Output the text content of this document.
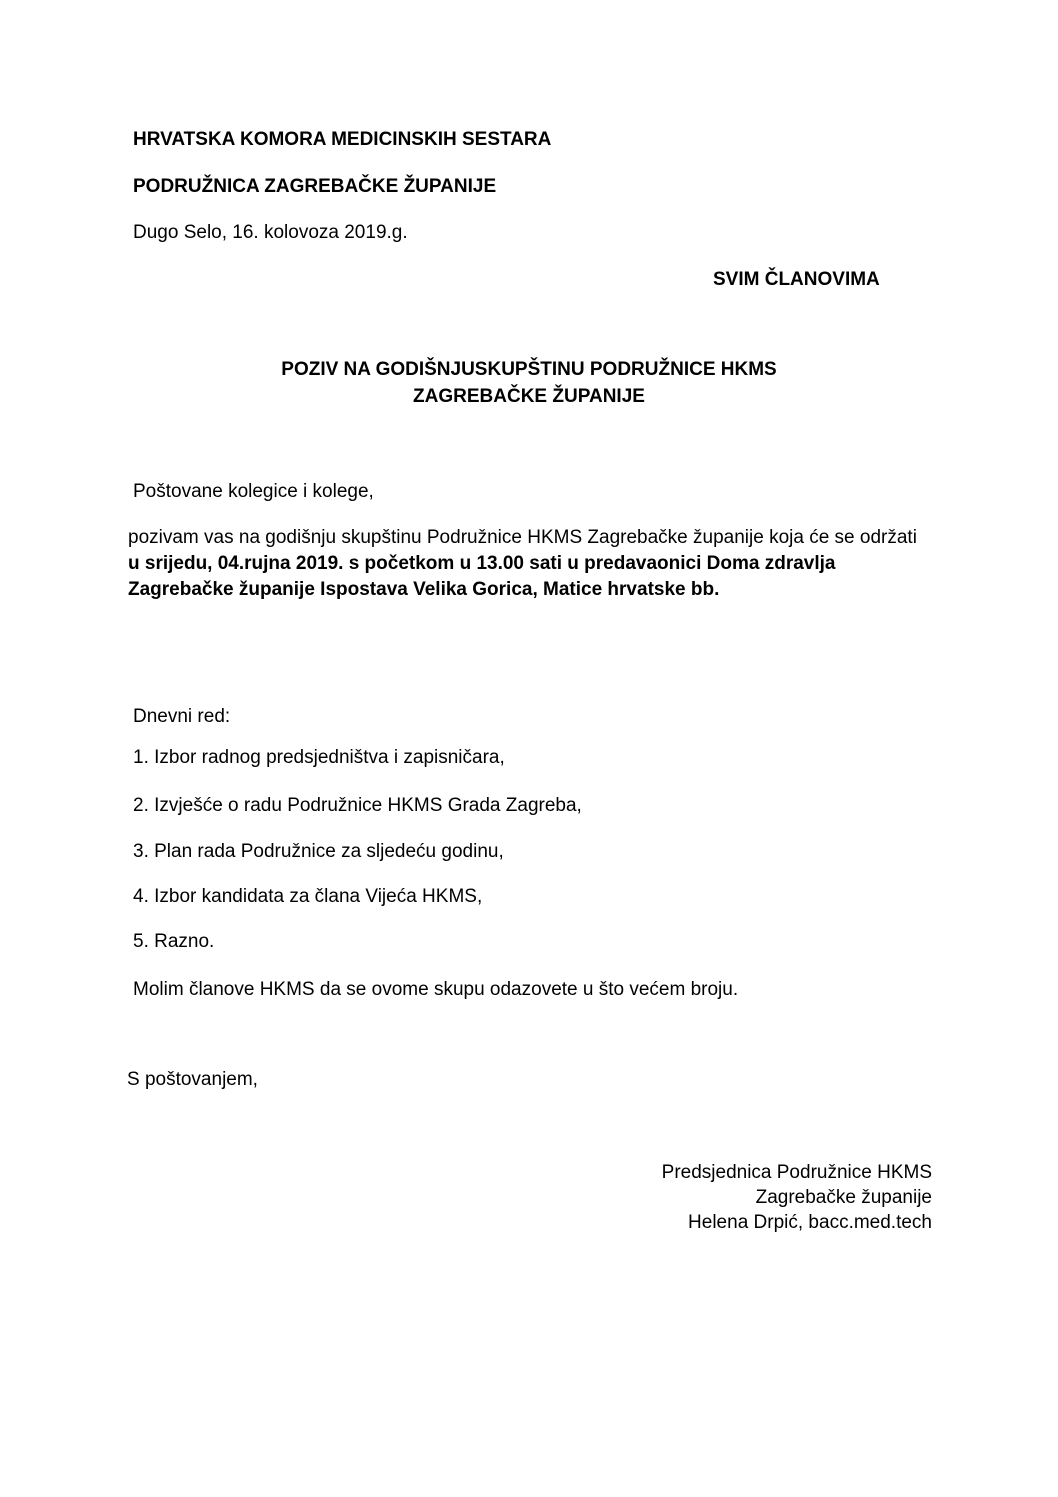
HRVATSKA KOMORA MEDICINSKIH SESTARA
PODRUŽNICA ZAGREBAČKE ŽUPANIJE
Dugo Selo, 16. kolovoza 2019.g.
SVIM ČLANOVIMA
POZIV NA GODIŠNJUSKUPŠTINU PODRUŽNICE HKMS
ZAGREBAČKE ŽUPANIJE
Poštovane kolegice i kolege,
pozivam vas na godišnju skupštinu Podružnice HKMS Zagrebačke županije koja će se održati u srijedu, 04.rujna 2019. s početkom u 13.00 sati u predavaonici Doma zdravlja Zagrebačke županije Ispostava Velika Gorica, Matice hrvatske bb.
Dnevni red:
1. Izbor radnog predsjedništva i zapisničara,
2. Izvješće o radu Podružnice HKMS Grada Zagreba,
3. Plan rada Podružnice za sljedeću godinu,
4. Izbor kandidata za člana Vijeća HKMS,
5. Razno.
Molim članove HKMS da se ovome skupu odazovete u što većem broju.
S poštovanjem,
Predsjednica Podružnice HKMS
Zagrebačke županije
Helena Drpić, bacc.med.tech
